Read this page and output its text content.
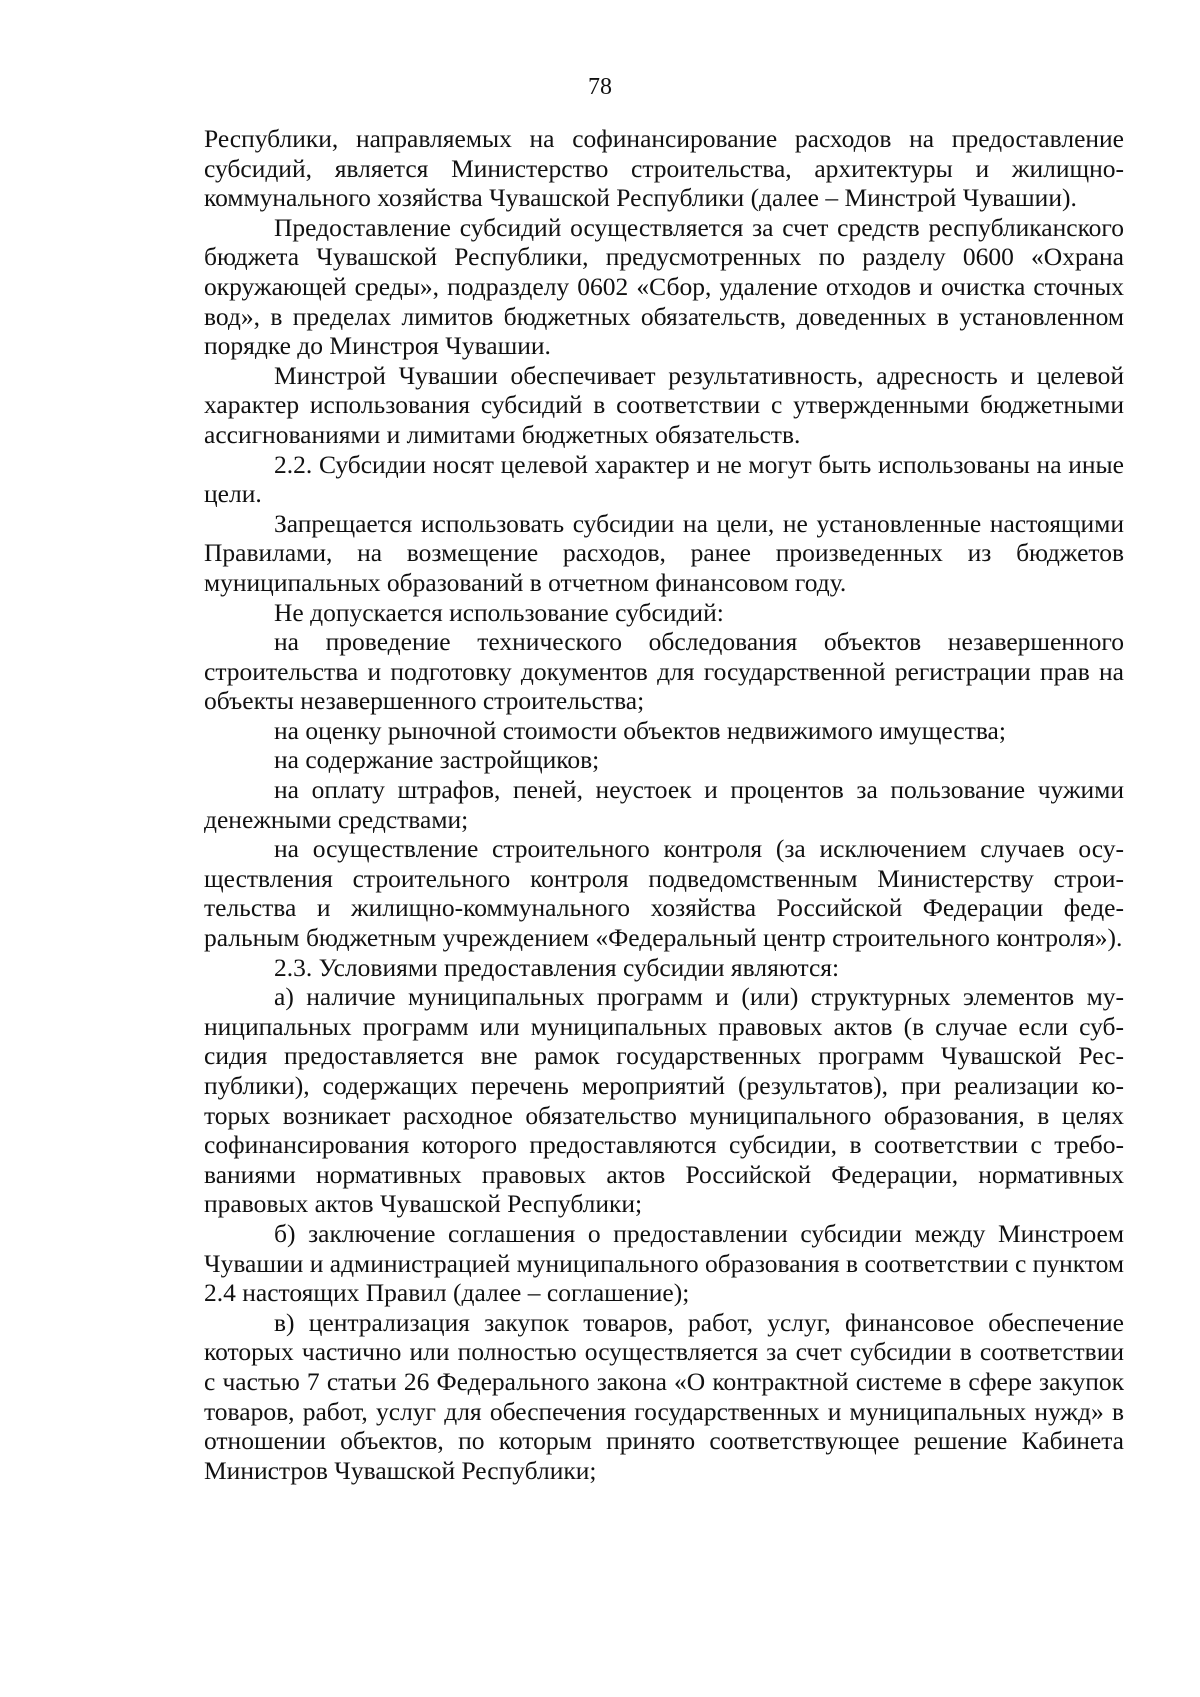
78

Республики, направляемых на софинансирование расходов на предоставление субсидий, является Министерство строительства, архитектуры и жилищно-коммунального хозяйства Чувашской Республики (далее – Минстрой Чувашии).

Предоставление субсидий осуществляется за счет средств республиканского бюджета Чувашской Республики, предусмотренных по разделу 0600 «Охрана окружающей среды», подразделу 0602 «Сбор, удаление отходов и очистка сточных вод», в пределах лимитов бюджетных обязательств, доведенных в установленном порядке до Минстроя Чувашии.

Минстрой Чувашии обеспечивает результативность, адресность и целевой характер использования субсидий в соответствии с утвержденными бюджетными ассигнованиями и лимитами бюджетных обязательств.

2.2. Субсидии носят целевой характер и не могут быть использованы на иные цели.

Запрещается использовать субсидии на цели, не установленные настоящими Правилами, на возмещение расходов, ранее произведенных из бюджетов муниципальных образований в отчетном финансовом году.

Не допускается использование субсидий:

на проведение технического обследования объектов незавершенного строительства и подготовку документов для государственной регистрации прав на объекты незавершенного строительства;

на оценку рыночной стоимости объектов недвижимого имущества;

на содержание застройщиков;

на оплату штрафов, пеней, неустоек и процентов за пользование чужими денежными средствами;

на осуществление строительного контроля (за исключением случаев осуществления строительного контроля подведомственным Министерству строительства и жилищно-коммунального хозяйства Российской Федерации федеральным бюджетным учреждением «Федеральный центр строительного контроля»).

2.3. Условиями предоставления субсидии являются:

а) наличие муниципальных программ и (или) структурных элементов муниципальных программ или муниципальных правовых актов (в случае если субсидия предоставляется вне рамок государственных программ Чувашской Республики), содержащих перечень мероприятий (результатов), при реализации которых возникает расходное обязательство муниципального образования, в целях софинансирования которого предоставляются субсидии, в соответствии с требованиями нормативных правовых актов Российской Федерации, нормативных правовых актов Чувашской Республики;

б) заключение соглашения о предоставлении субсидии между Минстроем Чувашии и администрацией муниципального образования в соответствии с пунктом 2.4 настоящих Правил (далее – соглашение);

в) централизация закупок товаров, работ, услуг, финансовое обеспечение которых частично или полностью осуществляется за счет субсидии в соответствии с частью 7 статьи 26 Федерального закона «О контрактной системе в сфере закупок товаров, работ, услуг для обеспечения государственных и муниципальных нужд» в отношении объектов, по которым принято соответствующее решение Кабинета Министров Чувашской Республики;
